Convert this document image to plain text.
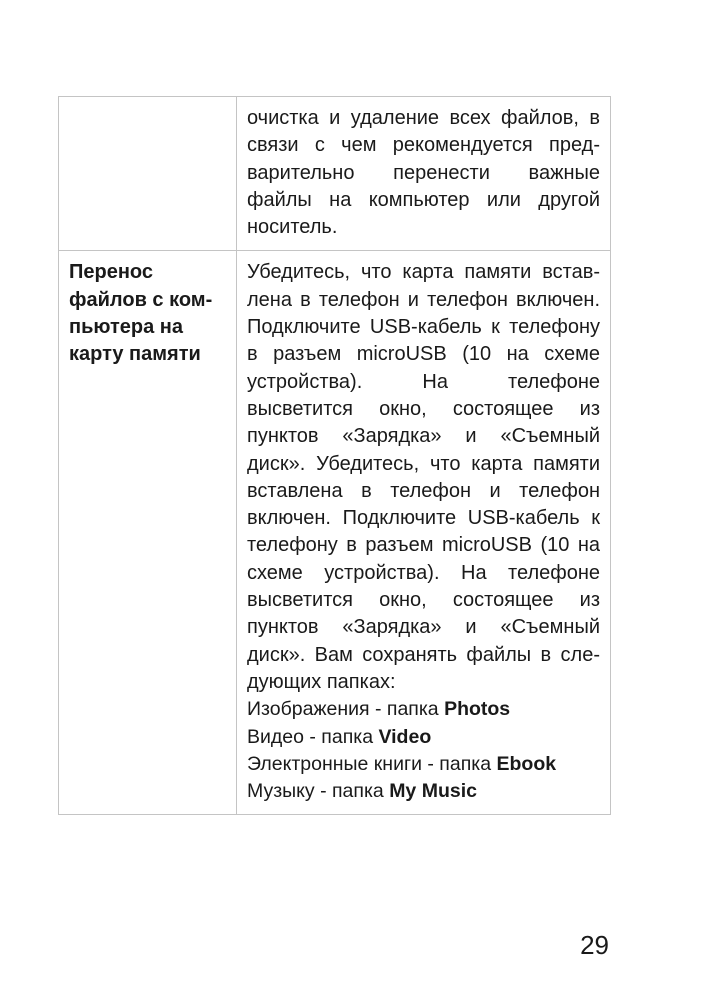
	очистка и удаление всех файлов, в связи с чем рекомендуется предварительно перенести важные файлы на компьютер или другой носитель.

Перенос файлов с компьютера на карту памяти	Убедитесь, что карта памяти вставлена в телефон и телефон включен. Подключите USB-кабель к телефону в разъем microUSB (10 на схеме устройства). На телефоне высветится окно, состоящее из пунктов «Зарядка» и «Съемный диск». Убедитесь, что карта памяти вставлена в телефон и телефон включен. Подключите USB-кабель к телефону в разъем microUSB (10 на схеме устройства). На телефоне высветится окно, состоящее из пунктов «Зарядка» и «Съемный диск». Вам сохранять файлы в следующих папках:

Изображения - папка Photos

Видео - папка Video

Электронные книги - папка Ebook

Музыку - папка My Music

29
